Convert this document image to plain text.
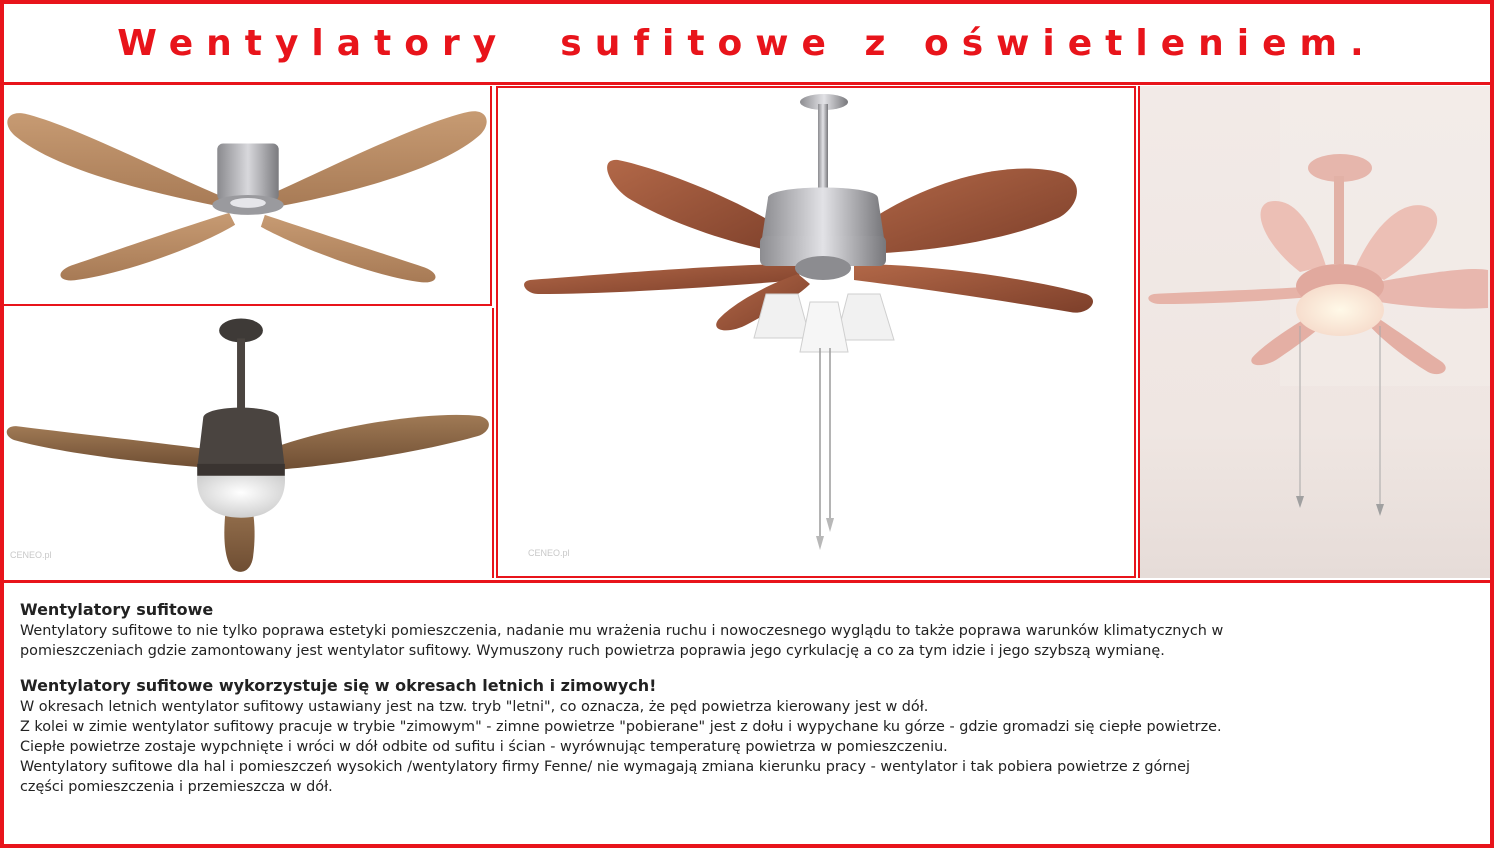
Wentylatory  sufitowe z oświetleniem.
CENEO.pl	CENEO.pl
Wentylatory sufitowe

Wentylatory sufitowe to nie tylko poprawa estetyki pomieszczenia, nadanie mu wrażenia ruchu i nowoczesnego wyglądu to także poprawa warunków klimatycznych w

pomieszczeniach gdzie zamontowany jest wentylator sufitowy. Wymuszony ruch powietrza poprawia jego cyrkulację a co za tym idzie i jego szybszą wymianę.

Wentylatory sufitowe wykorzystuje się w okresach letnich i zimowych!

W okresach letnich wentylator sufitowy ustawiany jest na tzw. tryb "letni", co oznacza, że pęd powietrza kierowany jest w dół.

Z kolei w zimie wentylator sufitowy pracuje w trybie "zimowym" - zimne powietrze "pobierane" jest z dołu i wypychane ku górze - gdzie gromadzi się ciepłe powietrze.

Ciepłe powietrze zostaje wypchnięte i wróci w dół odbite od sufitu i ścian - wyrównując temperaturę powietrza w pomieszczeniu.

Wentylatory sufitowe dla hal i pomieszczeń wysokich /wentylatory firmy Fenne/ nie wymagają zmiana kierunku pracy - wentylator i tak pobiera powietrze z górnej

części pomieszczenia i przemieszcza w dół.
